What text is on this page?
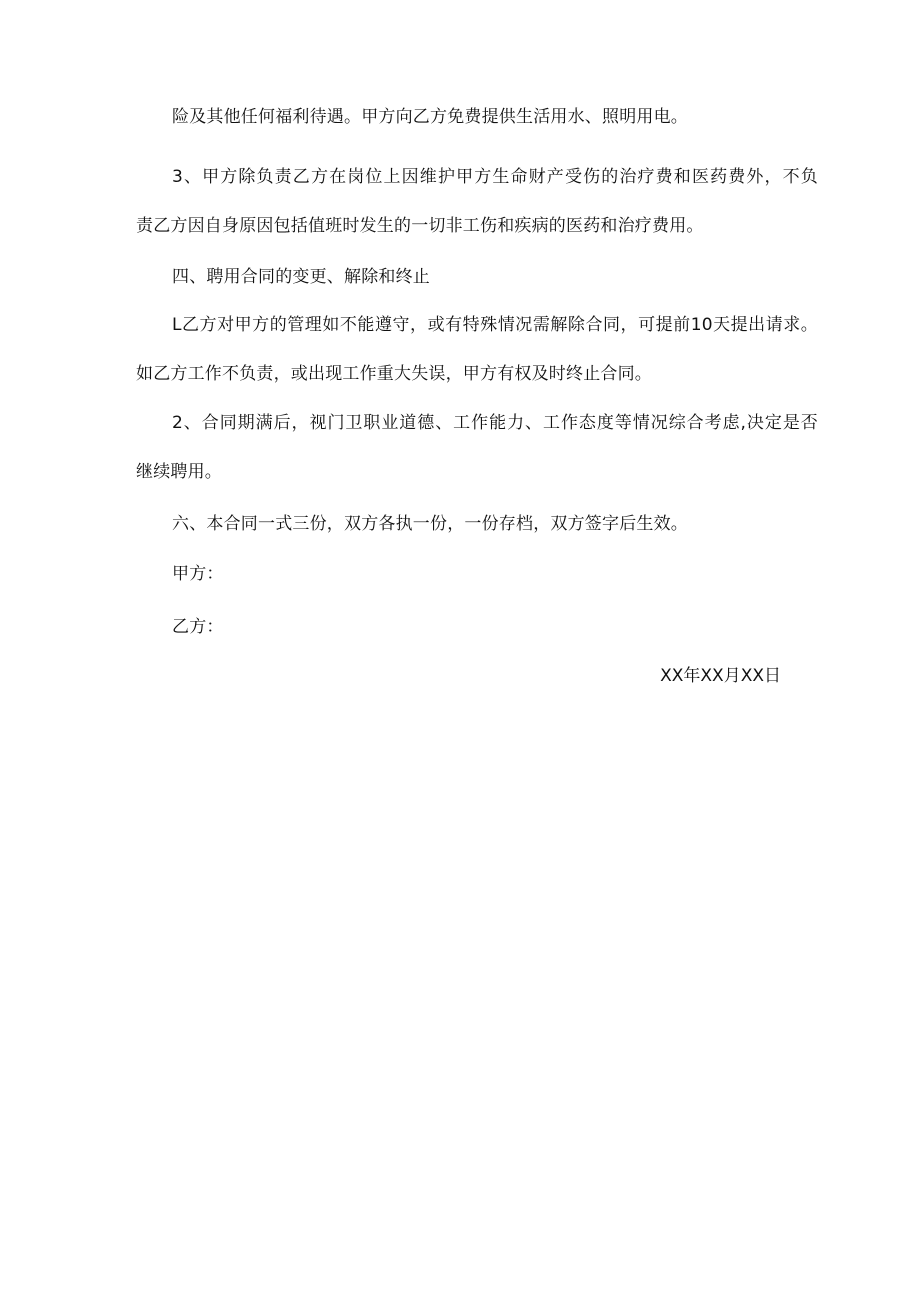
险及其他任何福利待遇。甲方向乙方免费提供生活用水、照明用电。
3、甲方除负责乙方在岗位上因维护甲方生命财产受伤的治疗费和医药费外，不负
责乙方因自身原因包括值班时发生的一切非工伤和疾病的医药和治疗费用。
四、聘用合同的变更、解除和终止
L乙方对甲方的管理如不能遵守，或有特殊情况需解除合同，可提前10天提出请求。
如乙方工作不负责，或出现工作重大失误，甲方有权及时终止合同。
2、合同期满后，视门卫职业道德、工作能力、工作态度等情况综合考虑,决定是否
继续聘用。
六、本合同一式三份，双方各执一份，一份存档，双方签字后生效。
甲方：
乙方：
XX年XX月XX日
